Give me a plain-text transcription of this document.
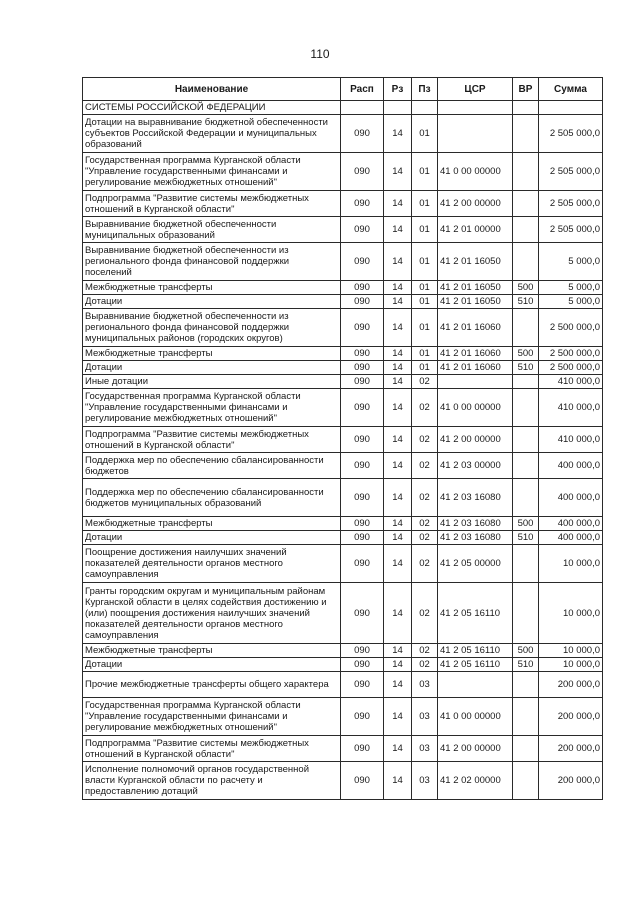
110
Наименование	Расп	Рз	Пз	ЦСР	ВР	Сумма
СИСТЕМЫ РОССИЙСКОЙ ФЕДЕРАЦИИ						
Дотации на выравнивание бюджетной обеспеченности субъектов Российской Федерации и муниципальных образований	090	14	01			2 505 000,0
Государственная программа Курганской области "Управление государственными финансами и регулирование межбюджетных отношений"	090	14	01	41 0 00 00000		2 505 000,0
Подпрограмма "Развитие системы межбюджетных отношений в Курганской области"	090	14	01	41 2 00 00000		2 505 000,0
Выравнивание бюджетной обеспеченности муниципальных образований	090	14	01	41 2 01 00000		2 505 000,0
Выравнивание бюджетной обеспеченности из регионального фонда финансовой поддержки поселений	090	14	01	41 2 01 16050		5 000,0
Межбюджетные трансферты	090	14	01	41 2 01 16050	500	5 000,0
Дотации	090	14	01	41 2 01 16050	510	5 000,0
Выравнивание бюджетной обеспеченности из регионального фонда финансовой поддержки муниципальных районов (городских округов)	090	14	01	41 2 01 16060		2 500 000,0
Межбюджетные трансферты	090	14	01	41 2 01 16060	500	2 500 000,0
Дотации	090	14	01	41 2 01 16060	510	2 500 000,0
Иные дотации	090	14	02			410 000,0
Государственная программа Курганской области "Управление государственными финансами и регулирование межбюджетных отношений"	090	14	02	41 0 00 00000		410 000,0
Подпрограмма "Развитие системы межбюджетных отношений в Курганской области"	090	14	02	41 2 00 00000		410 000,0
Поддержка мер по обеспечению сбалансированности бюджетов	090	14	02	41 2 03 00000		400 000,0
Поддержка мер по обеспечению сбалансированности бюджетов муниципальных образований	090	14	02	41 2 03 16080		400 000,0
Межбюджетные трансферты	090	14	02	41 2 03 16080	500	400 000,0
Дотации	090	14	02	41 2 03 16080	510	400 000,0
Поощрение достижения наилучших значений показателей деятельности органов местного самоуправления	090	14	02	41 2 05 00000		10 000,0
Гранты городским округам и муниципальным районам Курганской области в целях содействия достижению и (или) поощрения достижения наилучших значений показателей деятельности органов местного самоуправления	090	14	02	41 2 05 16110		10 000,0
Межбюджетные трансферты	090	14	02	41 2 05 16110	500	10 000,0
Дотации	090	14	02	41 2 05 16110	510	10 000,0
Прочие межбюджетные трансферты общего характера	090	14	03			200 000,0
Государственная программа Курганской области "Управление государственными финансами и регулирование межбюджетных отношений"	090	14	03	41 0 00 00000		200 000,0
Подпрограмма "Развитие системы межбюджетных отношений в Курганской области"	090	14	03	41 2 00 00000		200 000,0
Исполнение полномочий органов государственной власти Курганской области по расчету и предоставлению дотаций	090	14	03	41 2 02 00000		200 000,0
